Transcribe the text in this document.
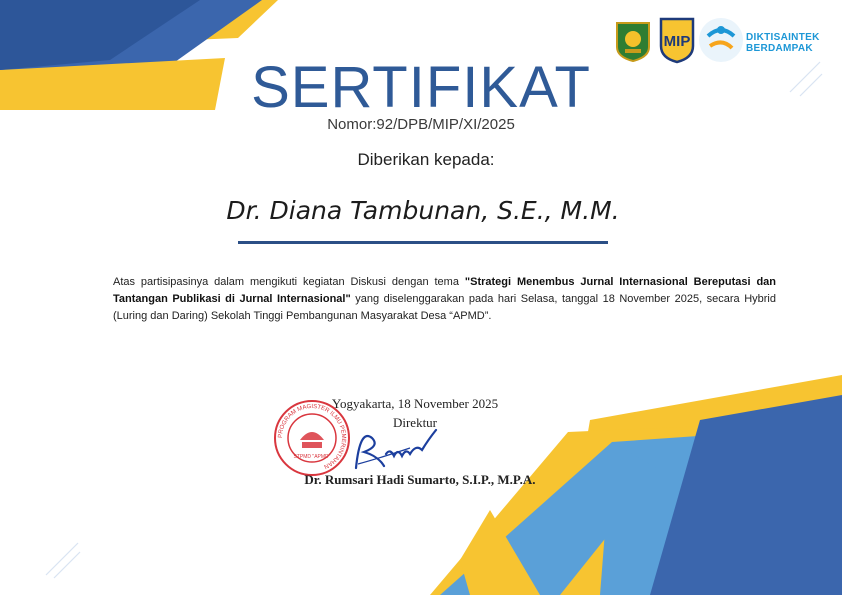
MIP	DIKTISAINTEK
BERDAMPAK
SERTIFIKAT
Nomor:92/DPB/MIP/XI/2025
Diberikan kepada:
Dr. Diana Tambunan, S.E., M.M.
Atas partisipasinya dalam mengikuti kegiatan Diskusi dengan tema "Strategi Menembus Jurnal Internasional Bereputasi dan Tantangan Publikasi di Jurnal Internasional" yang diselenggarakan pada hari Selasa, tanggal 18 November 2025, secara Hybrid (Luring dan Daring) Sekolah Tinggi Pembangunan Masyarakat Desa “APMD”.
PROGRAM MAGISTER ILMU PEMERINTAHAN
STPMD "APMD"
Yogyakarta, 18 November 2025
Direktur
Dr. Rumsari Hadi Sumarto, S.I.P., M.P.A.
